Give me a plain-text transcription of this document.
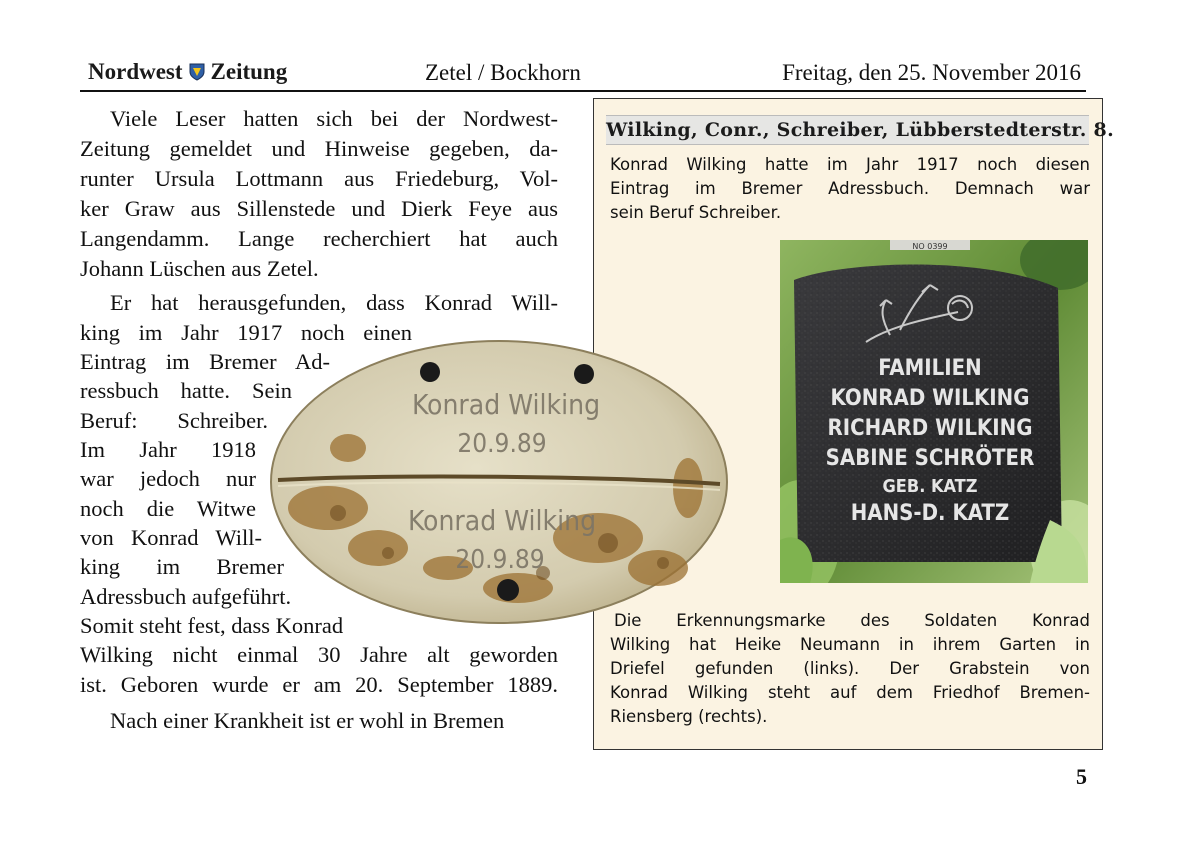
Nordwest Zeitung	Zetel / Bockhorn	Freitag, den 25. November 2016
Viele Leser hatten sich bei der Nordwest-
Zeitung gemeldet und Hinweise gegeben, da-
runter Ursula Lottmann aus Friedeburg, Vol-
ker Graw aus Sillenstede und Dierk Feye aus
Langendamm. Lange recherchiert hat auch
Johann Lüschen aus Zetel.
Er hat herausgefunden, dass Konrad Will-
king im Jahr 1917 noch einen
Eintrag im Bremer Ad-
ressbuch hatte. Sein
Beruf: Schreiber.
Im Jahr 1918
war jedoch nur
noch die Witwe
von Konrad Will-
king im Bremer
Adressbuch aufgeführt.
Somit steht fest, dass Konrad
Wilking nicht einmal 30 Jahre alt geworden
ist. Geboren wurde er am 20. September 1889.
Nach einer Krankheit ist er wohl in Bremen
Wilking, Conr., Schreiber, Lübberstedterstr. 8.
Konrad Wilking hatte im Jahr 1917 noch diesen
Eintrag im Bremer Adressbuch. Demnach war
sein Beruf Schreiber.
Die Erkennungsmarke des Soldaten Konrad
Wilking hat Heike Neumann in ihrem Garten in
Driefel gefunden (links). Der Grabstein von
Konrad Wilking steht auf dem Friedhof Bremen-
Riensberg (rechts).
FAMILIEN
KONRAD WILKING
RICHARD WILKING
SABINE SCHRÖTER
GEB. KATZ
HANS-D. KATZ
NO 0399
Konrad Wilking
20.9.89
Konrad Wilking
20.9.89
5
